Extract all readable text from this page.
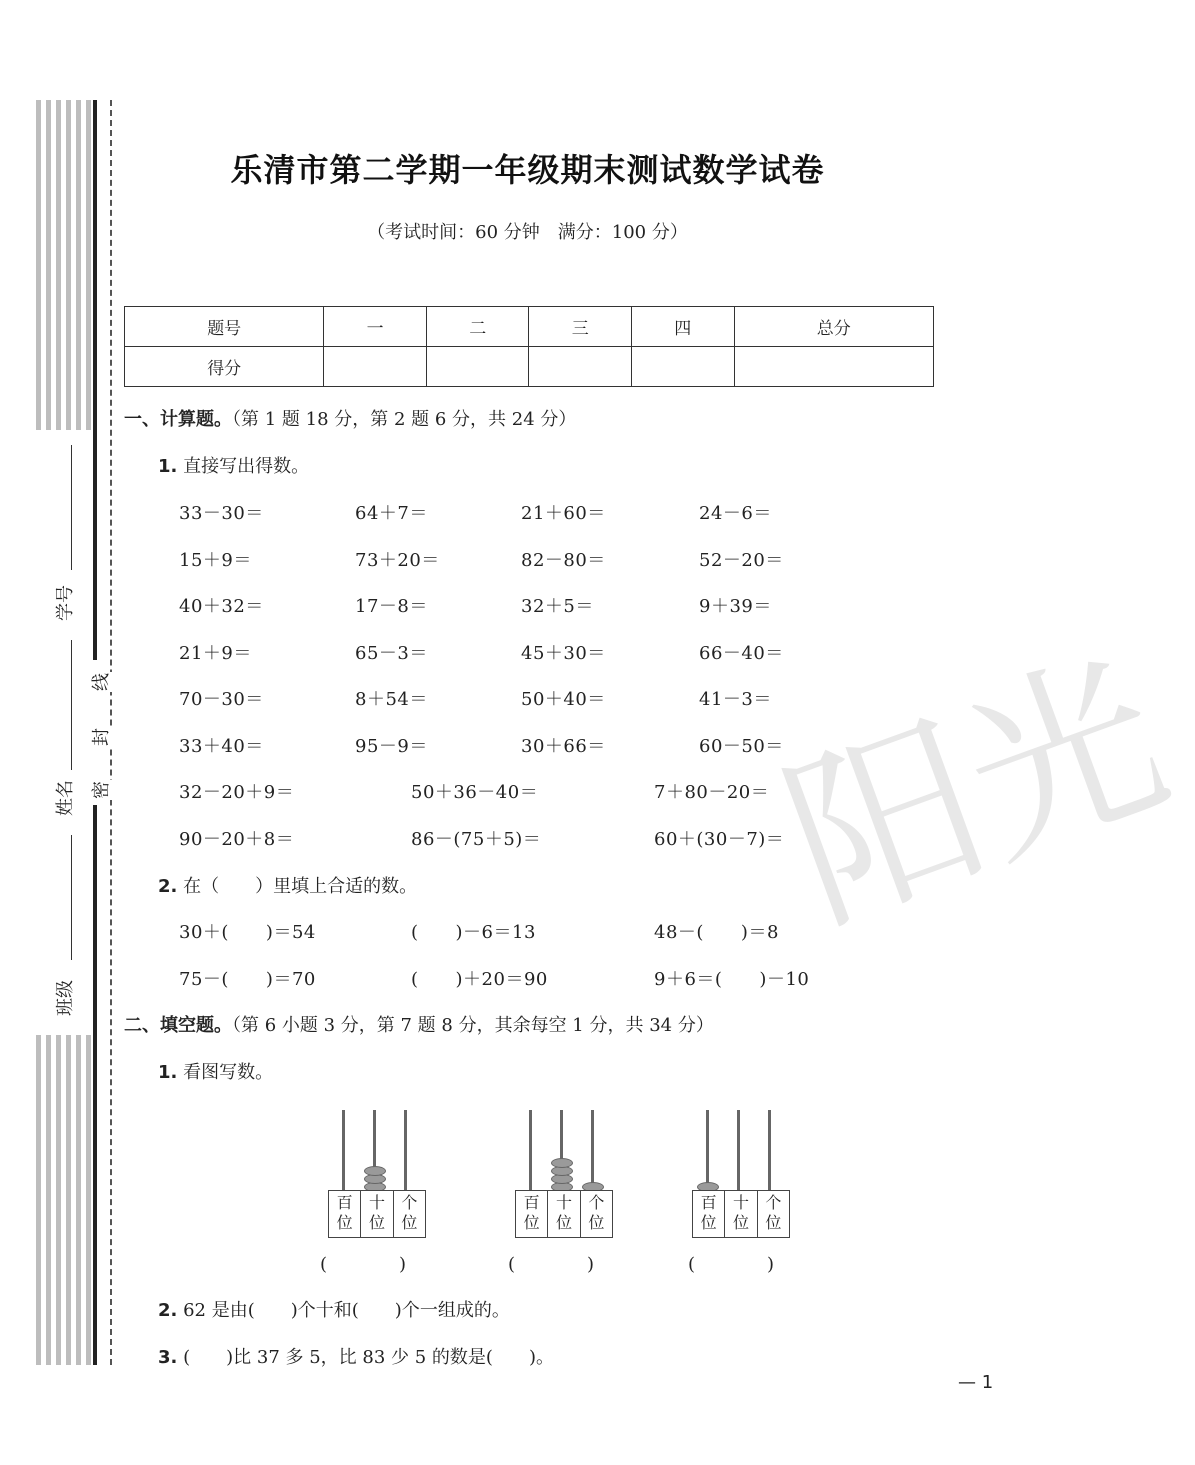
学号
姓名
班级
线
封
密	阳光
乐清市第二学期一年级期末测试数学试卷
（考试时间：60 分钟　满分：100 分）
题号	一	二	三	四	总分
得分					
一、计算题。（第 1 题 18 分，第 2 题 6 分，共 24 分）
1. 直接写出得数。
33－30＝	64＋7＝	21＋60＝	24－6＝
15＋9＝	73＋20＝	82－80＝	52－20＝
40＋32＝	17－8＝	32＋5＝	9＋39＝
21＋9＝	65－3＝	45＋30＝	66－40＝
70－30＝	8＋54＝	50＋40＝	41－3＝
33＋40＝	95－9＝	30＋66＝	60－50＝
32－20＋9＝	50＋36－40＝	7＋80－20＝
90－20＋8＝	86－(75＋5)＝	60＋(30－7)＝
2. 在（　　）里填上合适的数。
30＋(　　)＝54	(　　)－6＝13	48－(　　)＝8
75－(　　)＝70	(　　)＋20＝90	9＋6＝(　　)－10
二、填空题。（第 6 小题 3 分，第 7 题 8 分，其余每空 1 分，共 34 分）
1. 看图写数。
百位
十位
个位
(　　　　)
百位
十位
个位
(　　　　)
百位
十位
个位
(　　　　)
2. 62 是由(　　)个十和(　　)个一组成的。
3. (　　)比 37 多 5，比 83 少 5 的数是(　　)。
— 1
